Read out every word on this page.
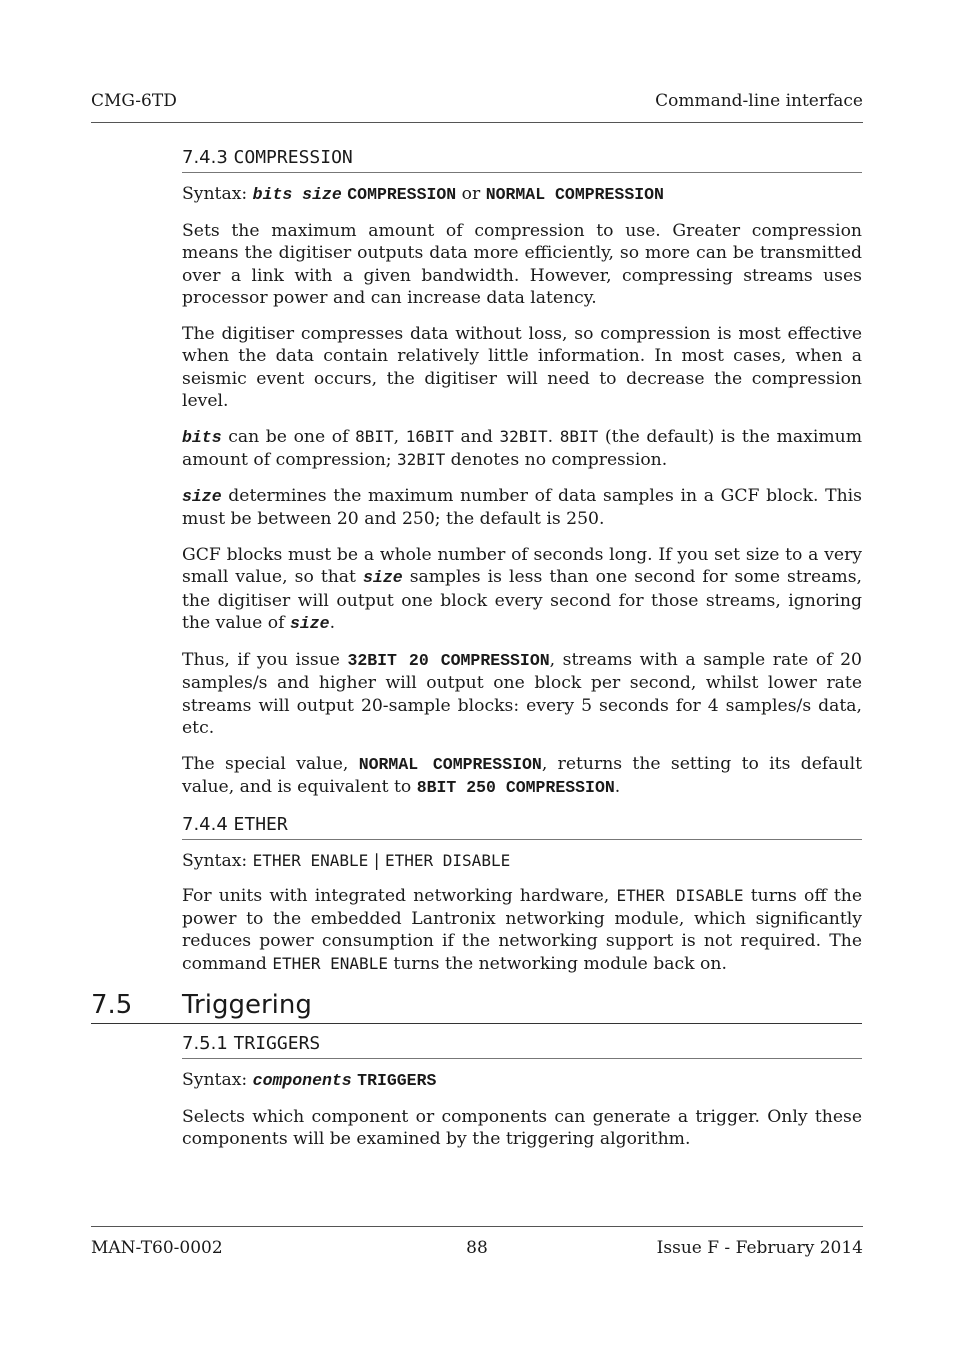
CMG-6TD	Command-line interface
7.4.3 COMPRESSION
Syntax: bits size COMPRESSION or NORMAL COMPRESSION

Sets the maximum amount of compression to use. Greater compression means the digitiser outputs data more efficiently, so more can be transmitted over a link with a given bandwidth. However, compressing streams uses processor power and can increase data latency.

The digitiser compresses data without loss, so compression is most effective when the data contain relatively little information. In most cases, when a seismic event occurs, the digitiser will need to decrease the compression level.

bits can be one of 8BIT, 16BIT and 32BIT. 8BIT (the default) is the maximum amount of compression; 32BIT denotes no compression.

size determines the maximum number of data samples in a GCF block. This must be between 20 and 250; the default is 250.

GCF blocks must be a whole number of seconds long. If you set size to a very small value, so that size samples is less than one second for some streams, the digitiser will output one block every second for those streams, ignoring the value of size.

Thus, if you issue 32BIT 20 COMPRESSION, streams with a sample rate of 20 samples/s and higher will output one block per second, whilst lower rate streams will output 20-sample blocks: every 5 seconds for 4 samples/s data, etc.

The special value, NORMAL COMPRESSION, returns the setting to its default value, and is equivalent to 8BIT 250 COMPRESSION.

7.4.4 ETHER
Syntax: ETHER ENABLE | ETHER DISABLE

For units with integrated networking hardware, ETHER DISABLE turns off the power to the embedded Lantronix networking module, which significantly reduces power consumption if the networking support is not required. The command ETHER ENABLE turns the networking module back on.

7.5	Triggering
7.5.1 TRIGGERS
Syntax: components TRIGGERS

Selects which component or components can generate a trigger. Only these components will be examined by the triggering algorithm.

MAN-T60-0002	88	Issue F - February 2014
